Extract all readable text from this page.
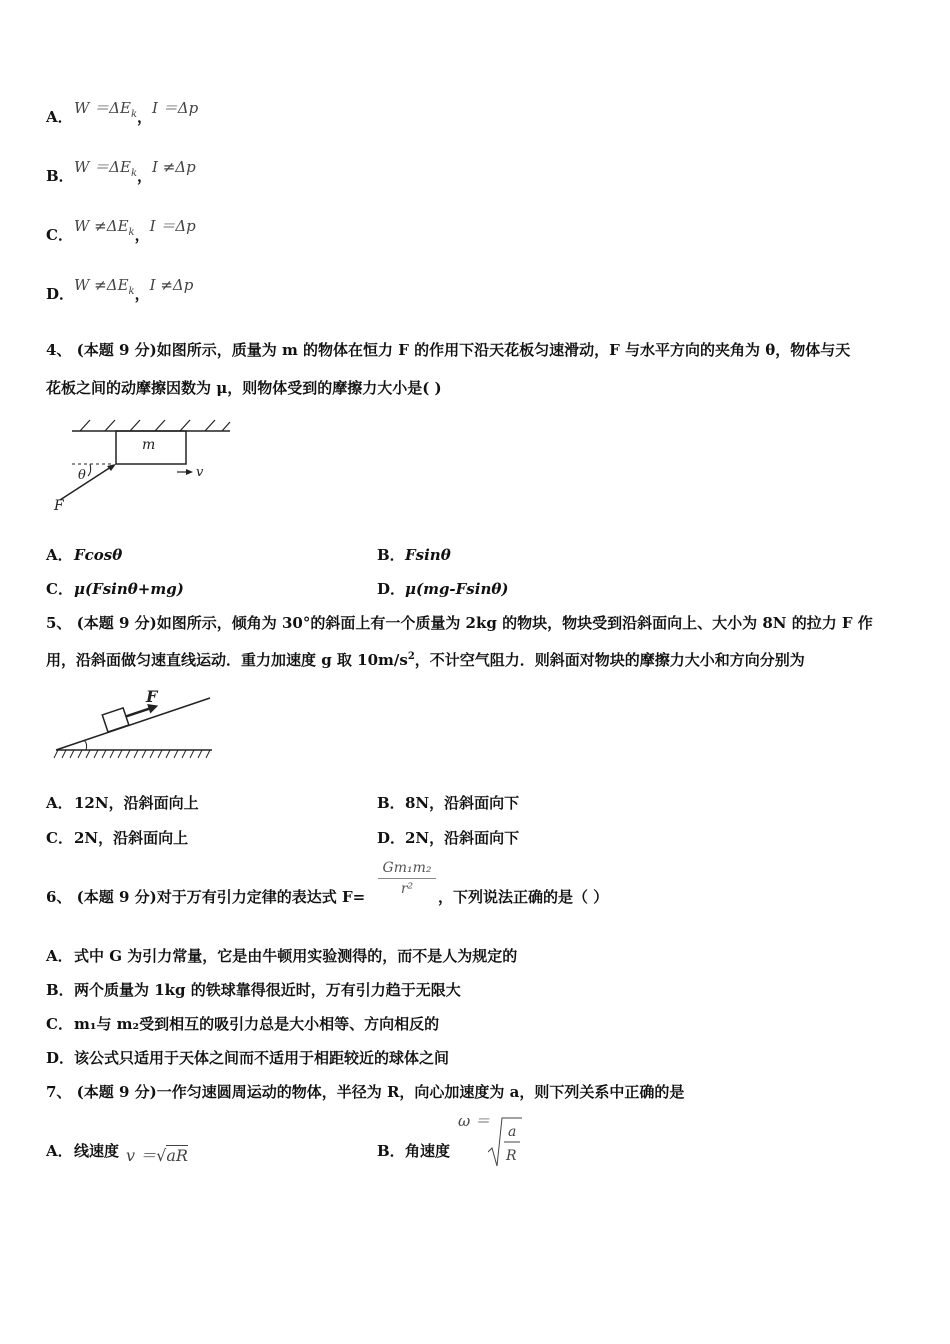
A．$W =\Delta E_k$，I ＝Δp
B．$W =\Delta E_k$，I ≠Δp
C．$W \ne\Delta E_k$，I ＝Δp
D．$W \ne\Delta E_k$，I ≠Δp
4、 (本题 9 分)如图所示，质量为 m 的物体在恒力 F 的作用下沿天花板匀速滑动，F 与水平方向的夹角为 θ，物体与天
花板之间的动摩擦因数为 μ，则物体受到的摩擦力大小是( )
m
v
θ
F
A．Fcosθ	B．Fsinθ
C．μ(Fsinθ+mg)	D．μ(mg-Fsinθ)
5、 (本题 9 分)如图所示，倾角为 30°的斜面上有一个质量为 2kg 的物块，物块受到沿斜面向上、大小为 8N 的拉力 F 作
用，沿斜面做匀速直线运动．重力加速度 g 取 $10m/s^2$，不计空气阻力．则斜面对物块的摩擦力大小和方向分别为
F
A．12N，沿斜面向上	B．8N，沿斜面向下
C．2N，沿斜面向上	D．2N，沿斜面向下
6、 (本题 9 分)对于万有引力定律的表达式 F=
Gm₁m₂
r²	，下列说法正确的是（ ）
A．式中 G 为引力常量，它是由牛顿用实验测得的，而不是人为规定的
B．两个质量为 1kg 的铁球靠得很近时，万有引力趋于无限大
C．m₁与 m₂受到相互的吸引力总是大小相等、方向相反的
D．该公式只适用于天体之间而不适用于相距较近的球体之间
7、 (本题 9 分)一作匀速圆周运动的物体，半径为 R，向心加速度为 a，则下列关系中正确的是
A．线速度 v ＝√aR	B．角速度
ω ＝
a
R
